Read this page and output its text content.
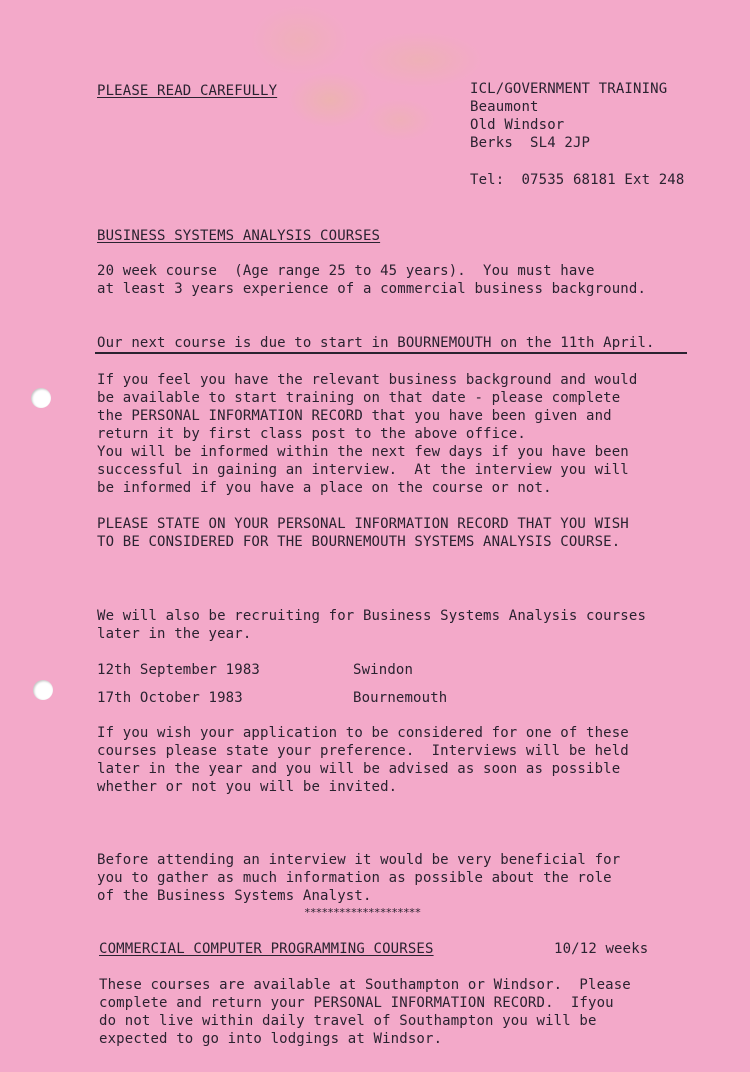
PLEASE READ CAREFULLY	ICL/GOVERNMENT TRAINING
Beaumont
Old Windsor
Berks  SL4 2JP
Tel:  07535 68181 Ext 248
BUSINESS SYSTEMS ANALYSIS COURSES
20 week course  (Age range 25 to 45 years).  You must have
at least 3 years experience of a commercial business background.
Our next course is due to start in BOURNEMOUTH on the 11th April.
If you feel you have the relevant business background and would
be available to start training on that date - please complete
the PERSONAL INFORMATION RECORD that you have been given and
return it by first class post to the above office.
You will be informed within the next few days if you have been
successful in gaining an interview.  At the interview you will
be informed if you have a place on the course or not.
PLEASE STATE ON YOUR PERSONAL INFORMATION RECORD THAT YOU WISH
TO BE CONSIDERED FOR THE BOURNEMOUTH SYSTEMS ANALYSIS COURSE.
We will also be recruiting for Business Systems Analysis courses
later in the year.
12th September 1983	Swindon
17th October 1983	Bournemouth
If you wish your application to be considered for one of these
courses please state your preference.  Interviews will be held
later in the year and you will be advised as soon as possible
whether or not you will be invited.
Before attending an interview it would be very beneficial for
you to gather as much information as possible about the role
of the Business Systems Analyst.
********************
COMMERCIAL COMPUTER PROGRAMMING COURSES	10/12 weeks
These courses are available at Southampton or Windsor.  Please
complete and return your PERSONAL INFORMATION RECORD.  Ifyou
do not live within daily travel of Southampton you will be
expected to go into lodgings at Windsor.
